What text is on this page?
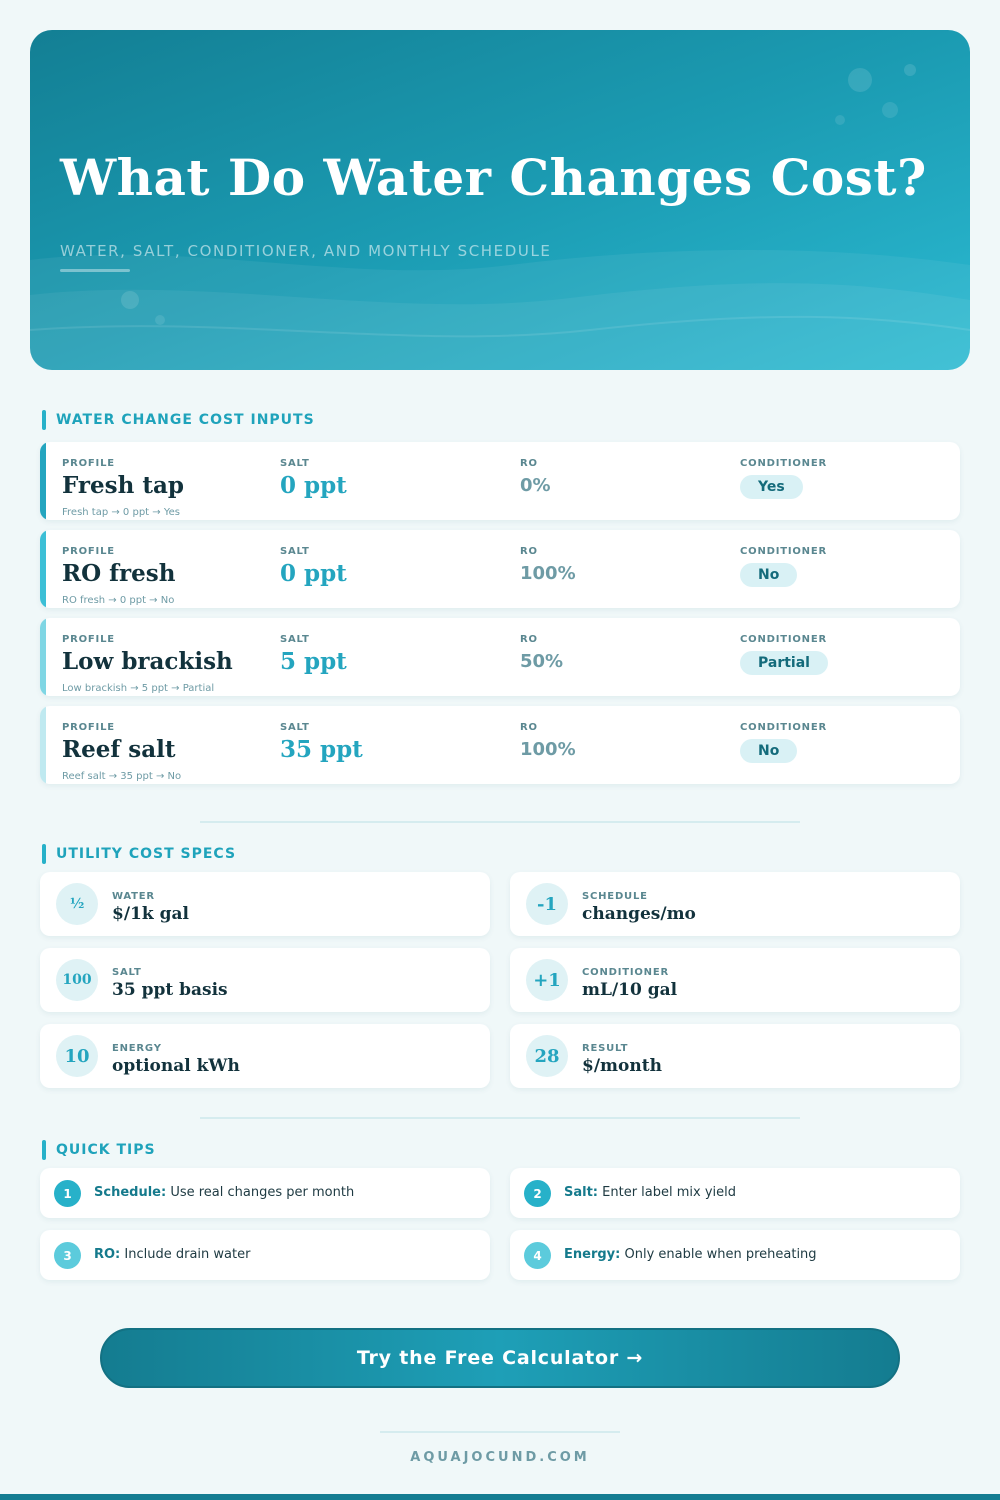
What Do Water Changes Cost?
WATER, SALT, CONDITIONER, AND MONTHLY SCHEDULE
WATER CHANGE COST INPUTS
PROFILE
Fresh tap
SALT
0 ppt
RO
0%
CONDITIONER
Yes
Fresh tap → 0 ppt → Yes
PROFILE
RO fresh
SALT
0 ppt
RO
100%
CONDITIONER
No
RO fresh → 0 ppt → No
PROFILE
Low brackish
SALT
5 ppt
RO
50%
CONDITIONER
Partial
Low brackish → 5 ppt → Partial
PROFILE
Reef salt
SALT
35 ppt
RO
100%
CONDITIONER
No
Reef salt → 35 ppt → No
UTILITY COST SPECS
½	WATER
$/1k gal	-1	SCHEDULE
changes/mo
100	SALT
35 ppt basis	+1	CONDITIONER
mL/10 gal
10	ENERGY
optional kWh	28	RESULT
$/month
QUICK TIPS
1	Schedule: Use real changes per month	2	Salt: Enter label mix yield
3	RO: Include drain water	4	Energy: Only enable when preheating
Try the Free Calculator →
AQUAJOCUND.COM
